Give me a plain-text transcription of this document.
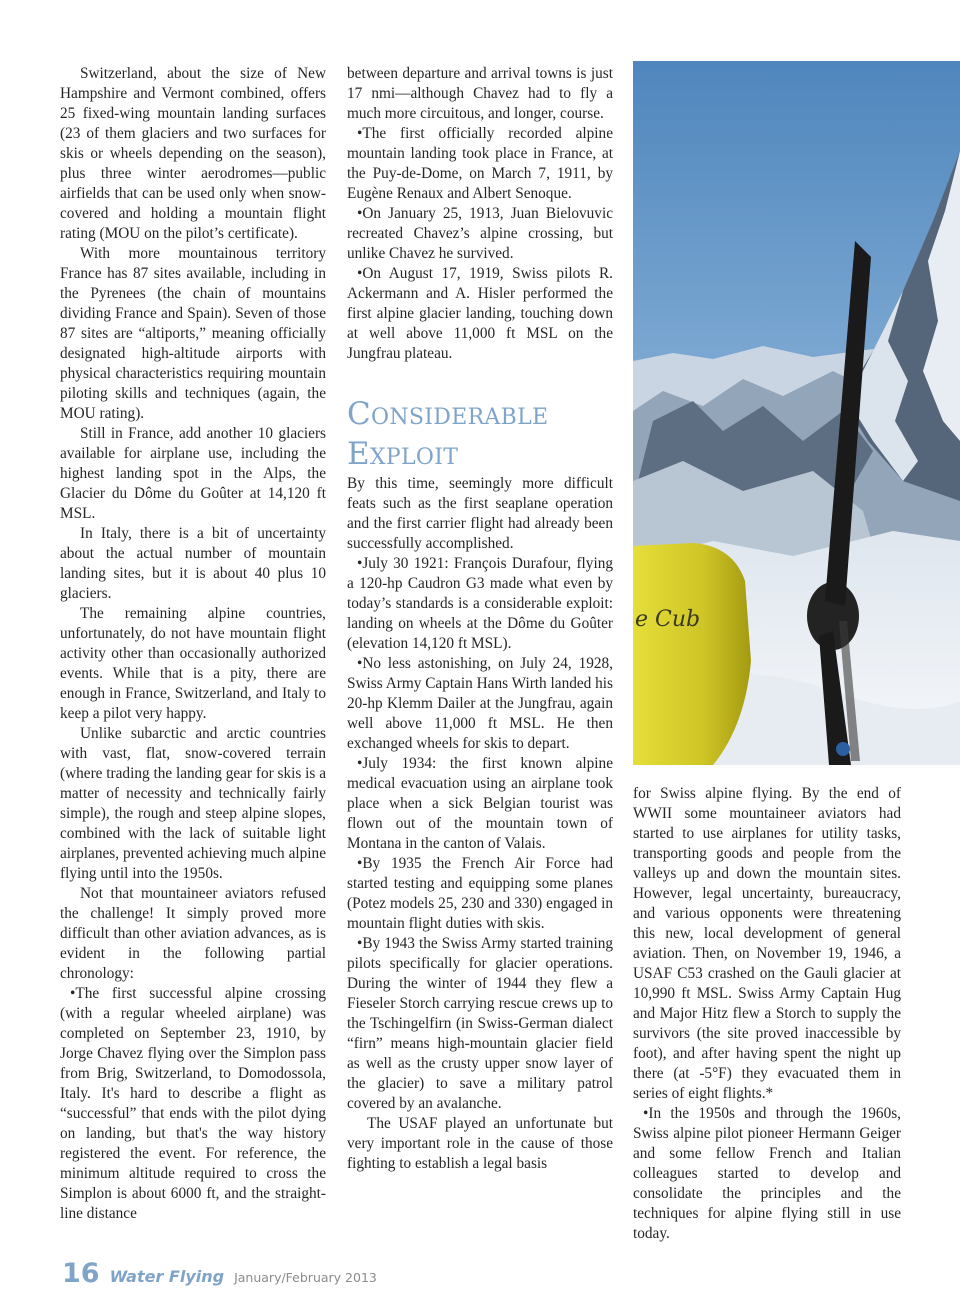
Switzerland, about the size of New Hampshire and Vermont combined, offers 25 fixed-wing mountain landing surfaces (23 of them glaciers and two surfaces for skis or wheels depending on the season), plus three winter aerodromes—public airfields that can be used only when snow-covered and holding a mountain flight rating (MOU on the pilot’s certificate).

With more mountainous territory France has 87 sites available, including in the Pyrenees (the chain of mountains dividing France and Spain). Seven of those 87 sites are “altiports,” meaning officially designated high-altitude airports with physical characteristics requiring mountain piloting skills and techniques (again, the MOU rating).

Still in France, add another 10 glaciers available for airplane use, including the highest landing spot in the Alps, the Glacier du Dôme du Goûter at 14,120 ft MSL.

In Italy, there is a bit of uncertainty about the actual number of mountain landing sites, but it is about 40 plus 10 glaciers.

The remaining alpine countries, unfortunately, do not have mountain flight activity other than occasionally authorized events. While that is a pity, there are enough in France, Switzerland, and Italy to keep a pilot very happy.

Unlike subarctic and arctic countries with vast, flat, snow-covered terrain (where trading the landing gear for skis is a matter of necessity and technically fairly simple), the rough and steep alpine slopes, combined with the lack of suitable light airplanes, prevented achieving much alpine flying until into the 1950s.

Not that mountaineer aviators refused the challenge! It simply proved more difficult than other aviation advances, as is evident in the following partial chronology:

•The first successful alpine crossing (with a regular wheeled airplane) was completed on September 23, 1910, by Jorge Chavez flying over the Simplon pass from Brig, Switzerland, to Domodossola, Italy. It's hard to describe a flight as “successful” that ends with the pilot dying on landing, but that's the way history registered the event. For reference, the minimum altitude required to cross the Simplon is about 6000 ft, and the straight-line distance

between departure and arrival towns is just 17 nmi—although Chavez had to fly a much more circuitous, and longer, course.

•The first officially recorded alpine mountain landing took place in France, at the Puy-de-Dome, on March 7, 1911, by Eugène Renaux and Albert Senoque.

•On January 25, 1913, Juan Bielovuvic recreated Chavez’s alpine crossing, but unlike Chavez he survived.

•On August 17, 1919, Swiss pilots R. Ackermann and A. Hisler performed the first alpine glacier landing, touching down at well above 11,000 ft MSL on the Jungfrau plateau.

Considerable Exploit

By this time, seemingly more difficult feats such as the first seaplane operation and the first carrier flight had already been successfully accomplished.

•July 30 1921: François Durafour, flying a 120-hp Caudron G3 made what even by today’s standards is a considerable exploit: landing on wheels at the Dôme du Goûter (elevation 14,120 ft MSL).

•No less astonishing, on July 24, 1928, Swiss Army Captain Hans Wirth landed his 20-hp Klemm Dailer at the Jungfrau, again well above 11,000 ft MSL. He then exchanged wheels for skis to depart.

•July 1934: the first known alpine medical evacuation using an airplane took place when a sick Belgian tourist was flown out of the mountain town of Montana in the canton of Valais.

•By 1935 the French Air Force had started testing and equipping some planes (Potez models 25, 230 and 330) engaged in mountain flight duties with skis.

•By 1943 the Swiss Army started training pilots specifically for glacier operations. During the winter of 1944 they flew a Fieseler Storch carrying rescue crews up to the Tschingelfirn (in Swiss-German dialect “firn” means high-mountain glacier field as well as the crusty upper snow layer of the glacier) to save a military patrol covered by an avalanche.

The USAF played an unfortunate but very important role in the cause of those fighting to establish a legal basis

e Cub

for Swiss alpine flying. By the end of WWII some mountaineer aviators had started to use airplanes for utility tasks, transporting goods and people from the valleys up and down the mountain sites. However, legal uncertainty, bureaucracy, and various opponents were threatening this new, local development of general aviation. Then, on November 19, 1946, a USAF C53 crashed on the Gauli glacier at 10,990 ft MSL. Swiss Army Captain Hug and Major Hitz flew a Storch to supply the survivors (the site proved inaccessible by foot), and after having spent the night up there (at -5°F) they evacuated them in series of eight flights.*

•In the 1950s and through the 1960s, Swiss alpine pilot pioneer Hermann Geiger and some fellow French and Italian colleagues started to develop and consolidate the principles and the techniques for alpine flying still in use today.

16 Water Flying January/February 2013
